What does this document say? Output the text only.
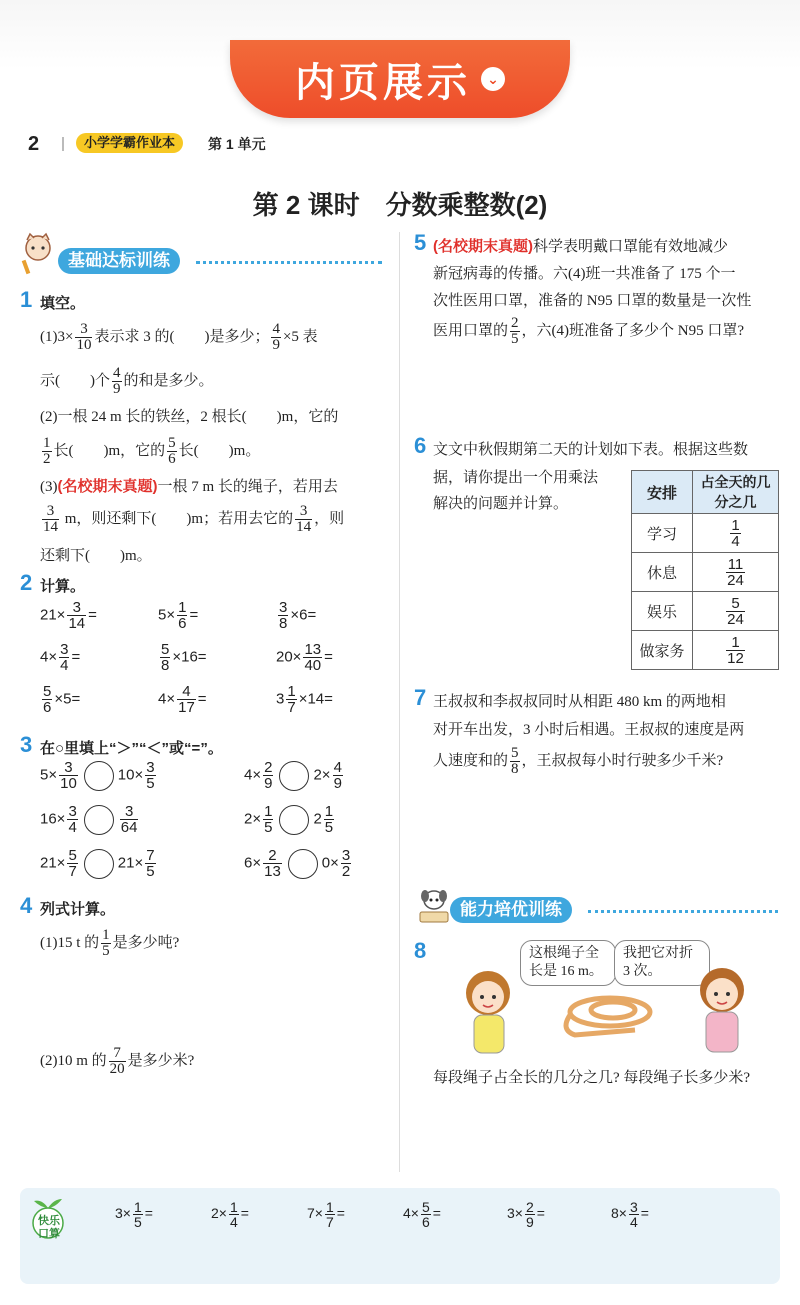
内页展示	⌄
2	小学学霸作业本	第 1 单元
第 2 课时　分数乘整数(2)
基础达标训练
1 填空。
$(1)3\times \frac{3}{10}$ 表示求 3 的(　　)是多少； $\frac{4}{9} \times 5$ 表
示(　　)个 $\frac{4}{9}$ 的和是多少。
(2)一根 24 m 长的铁丝，2 根长(　　)m，它的
$\frac{1}{2}$ 长(　　)m，它的 $\frac{5}{6}$ 长(　　)m。
(3)(名校期末真题)一根 7 m 长的绳子，若用去
$\frac{3}{14}$ m，则还剩下(　　)m；若用去它的 $\frac{3}{14}$ ，则
还剩下(　　)m。
2 计算。
$21\times \frac{3}{14}$ =	$5\times \frac{1}{6}$ =	$\frac{3}{8} \times 6=$
$4\times \frac{3}{4}$ =	$\frac{5}{8} \times 16=$	$20\times \frac{13}{40}$ =
$\frac{5}{6} \times 5=$	$4\times \frac{4}{17}$ =	$3 \frac{1}{7} \times 14=$
3 在○里填上“＞”“＜”或“=”。
$5\times \frac{3}{10}$	$10\times \frac{3}{5}$	$4\times \frac{2}{9}$	$2\times \frac{4}{9}$
$16\times \frac{3}{4}$	$\frac{3}{64}$	$2\times \frac{1}{5}$	$2 \frac{1}{5}$
$21\times \frac{5}{7}$	$21\times \frac{7}{5}$	$6\times \frac{2}{13}$	$0\times \frac{3}{2}$
4 列式计算。
(1)15 t 的 $\frac{1}{5}$ 是多少吨?
(2)10 m 的 $\frac{7}{20}$ 是多少米?
5 (名校期末真题)科学表明戴口罩能有效地减少
新冠病毒的传播。六(4)班一共准备了 175 个一
次性医用口罩，准备的 N95 口罩的数量是一次性
医用口罩的 $\frac{2}{5}$ ，六(4)班准备了多少个 N95 口罩?
6 文文中秋假期第二天的计划如下表。根据这些数
据，请你提出一个用乘法
解决的问题并计算。
安排	占全天的几分之几
学习	$\frac{1}{4}$

休息	$\frac{11}{24}$

娱乐	$\frac{5}{24}$

做家务	$\frac{1}{12}$
7 王叔叔和李叔叔同时从相距 480 km 的两地相
对开车出发，3 小时后相遇。王叔叔的速度是两
人速度和的 $\frac{5}{8}$ ，王叔叔每小时行驶多少千米?
能力培优训练
8	这根绳子全长是 16 m。
我把它对折 3 次。
每段绳子占全长的几分之几? 每段绳子长多少米?
快乐口算
$3\times \frac{1}{5}$ =	$2\times \frac{1}{4}$ =	$7\times \frac{1}{7}$ =	$4\times \frac{5}{6}$ =	$3\times \frac{2}{9}$ =	$8\times \frac{3}{4}$ =
